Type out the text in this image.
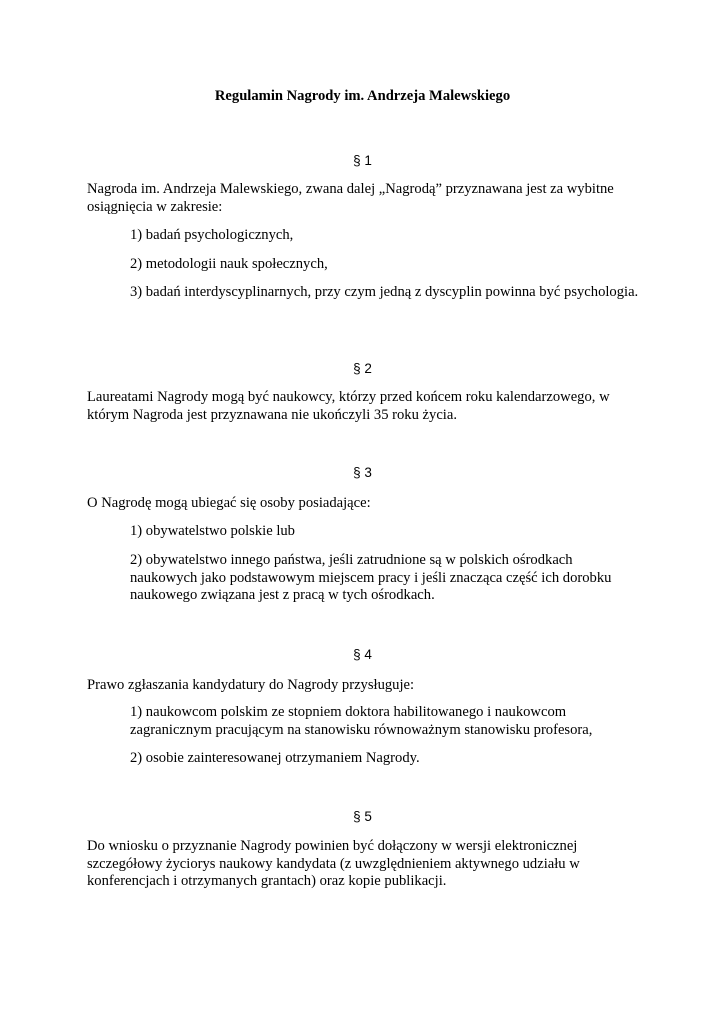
Regulamin Nagrody im. Andrzeja Malewskiego
§ 1
Nagroda im. Andrzeja Malewskiego, zwana dalej „Nagrodą” przyznawana jest za wybitne osiągnięcia w zakresie:
1) badań psychologicznych,
2) metodologii nauk społecznych,
3) badań interdyscyplinarnych, przy czym jedną z dyscyplin powinna być psychologia.
§ 2
Laureatami Nagrody mogą być naukowcy, którzy przed końcem roku kalendarzowego, w którym Nagroda jest przyznawana nie ukończyli 35 roku życia.
§ 3
O Nagrodę mogą ubiegać się osoby posiadające:
1) obywatelstwo polskie lub
2) obywatelstwo innego państwa, jeśli zatrudnione są w polskich ośrodkach naukowych jako podstawowym miejscem pracy i jeśli znacząca część ich dorobku naukowego związana jest z pracą w tych ośrodkach.
§ 4
Prawo zgłaszania kandydatury do Nagrody przysługuje:
1) naukowcom polskim ze stopniem doktora habilitowanego i naukowcom zagranicznym pracującym na stanowisku równoważnym stanowisku profesora,
2) osobie zainteresowanej otrzymaniem Nagrody.
§ 5
Do wniosku o przyznanie Nagrody powinien być dołączony w wersji elektronicznej szczegółowy życiorys naukowy kandydata (z uwzględnieniem aktywnego udziału w konferencjach i otrzymanych grantach) oraz kopie publikacji.
